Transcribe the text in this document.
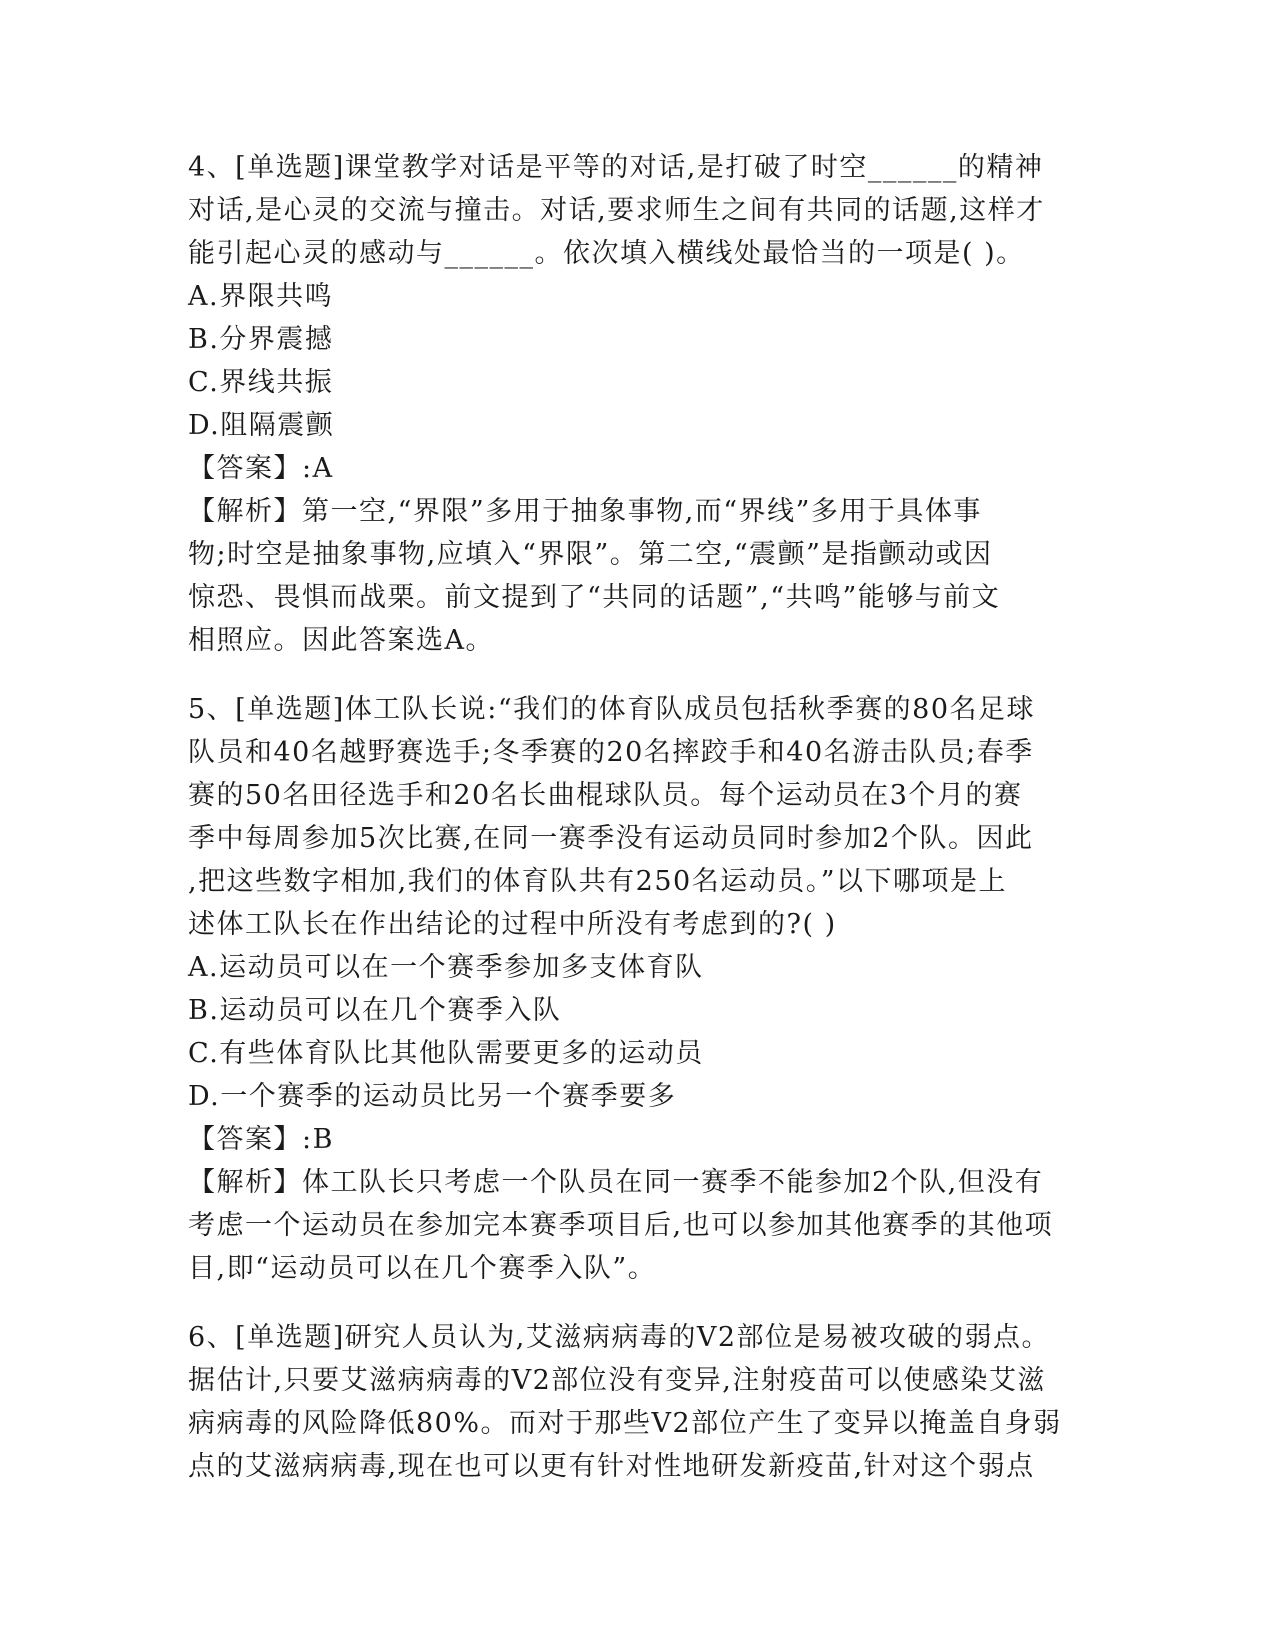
4、[单选题]课堂教学对话是平等的对话,是打破了时空______的精神
对话,是心灵的交流与撞击。对话,要求师生之间有共同的话题,这样才
能引起心灵的感动与______。依次填入横线处最恰当的一项是( )。
A.界限共鸣
B.分界震撼
C.界线共振
D.阻隔震颤
【答案】:A
【解析】第一空,“界限”多用于抽象事物,而“界线”多用于具体事
物;时空是抽象事物,应填入“界限”。第二空,“震颤”是指颤动或因
惊恐、畏惧而战栗。前文提到了“共同的话题”,“共鸣”能够与前文
相照应。因此答案选A。
5、[单选题]体工队长说:“我们的体育队成员包括秋季赛的80名足球
队员和40名越野赛选手;冬季赛的20名摔跤手和40名游击队员;春季
赛的50名田径选手和20名长曲棍球队员。每个运动员在3个月的赛
季中每周参加5次比赛,在同一赛季没有运动员同时参加2个队。因此
,把这些数字相加,我们的体育队共有250名运动员。”以下哪项是上
述体工队长在作出结论的过程中所没有考虑到的?( )
A.运动员可以在一个赛季参加多支体育队
B.运动员可以在几个赛季入队
C.有些体育队比其他队需要更多的运动员
D.一个赛季的运动员比另一个赛季要多
【答案】:B
【解析】体工队长只考虑一个队员在同一赛季不能参加2个队,但没有
考虑一个运动员在参加完本赛季项目后,也可以参加其他赛季的其他项
目,即“运动员可以在几个赛季入队”。
6、[单选题]研究人员认为,艾滋病病毒的V2部位是易被攻破的弱点。
据估计,只要艾滋病病毒的V2部位没有变异,注射疫苗可以使感染艾滋
病病毒的风险降低80%。而对于那些V2部位产生了变异以掩盖自身弱
点的艾滋病病毒,现在也可以更有针对性地研发新疫苗,针对这个弱点
